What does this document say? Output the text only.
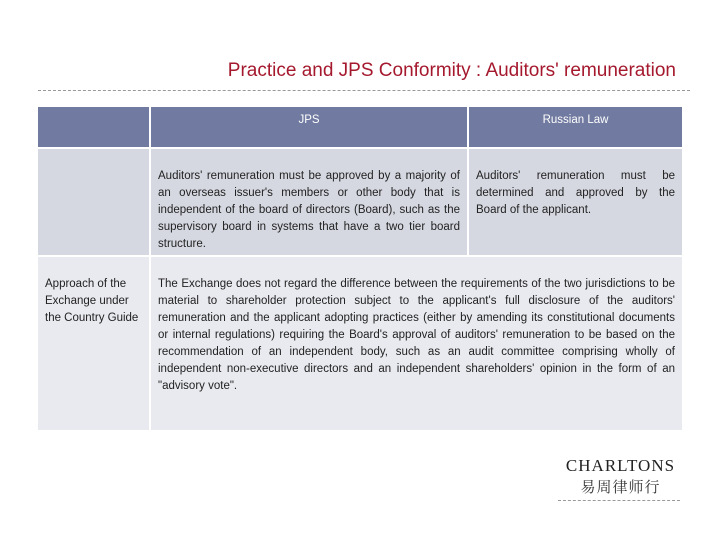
Practice and JPS Conformity : Auditors' remuneration
JPS	Russian Law
Auditors' remuneration must be approved by a majority of an overseas issuer's members or other body that is independent of the board of directors (Board), such as the supervisory board in systems that have a two tier board structure.
Auditors' remuneration must be determined and approved by the Board of the applicant.
Approach of the Exchange under the Country Guide
The Exchange does not regard the difference between the requirements of the two jurisdictions to be material to shareholder protection subject to the applicant's full disclosure of the auditors' remuneration and the applicant adopting practices (either by amending its constitutional documents or internal regulations) requiring the Board's approval of auditors' remuneration to be based on the recommendation of an independent body, such as an audit committee comprising wholly of independent non-executive directors and an independent shareholders' opinion in the form of an "advisory vote".
CHARLTONS
易周律师行
